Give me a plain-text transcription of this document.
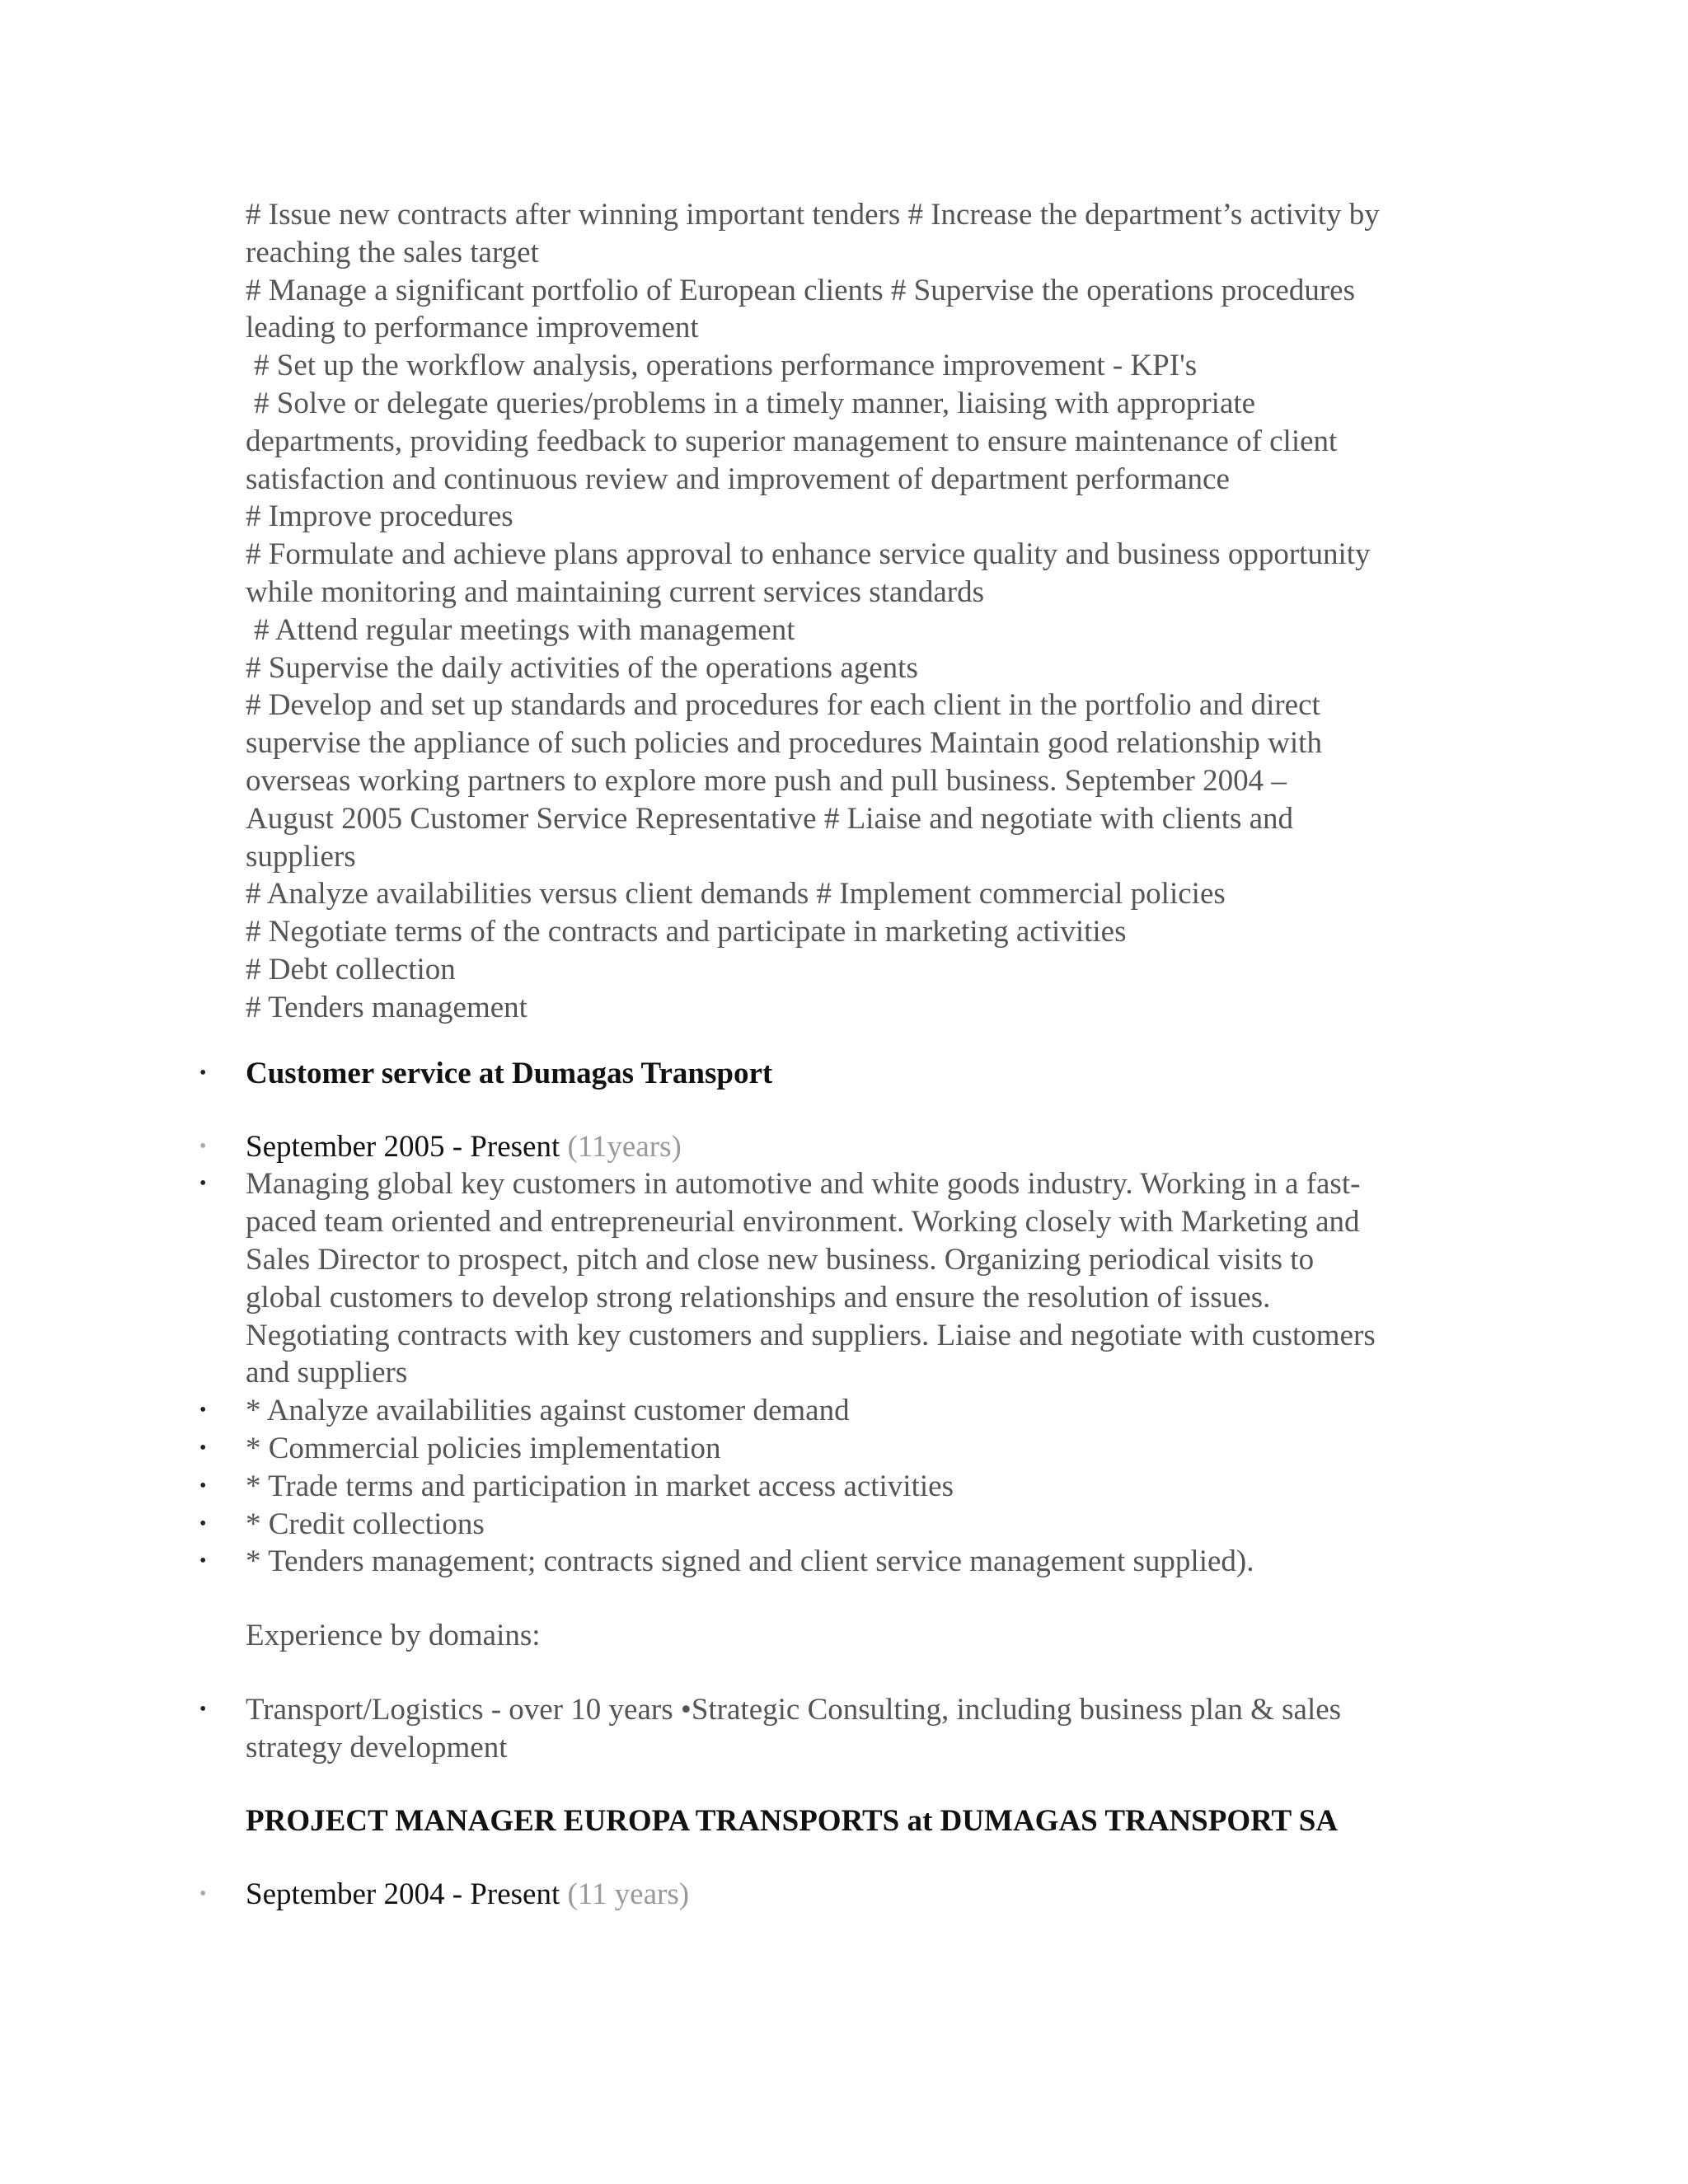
# Issue new contracts after winning important tenders # Increase the department’s activity by
reaching the sales target
# Manage a significant portfolio of European clients # Supervise the operations procedures
leading to performance improvement
# Set up the workflow analysis, operations performance improvement - KPI's
# Solve or delegate queries/problems in a timely manner, liaising with appropriate
departments, providing feedback to superior management to ensure maintenance of client
satisfaction and continuous review and improvement of department performance
# Improve procedures
# Formulate and achieve plans approval to enhance service quality and business opportunity
while monitoring and maintaining current services standards
# Attend regular meetings with management
# Supervise the daily activities of the operations agents
# Develop and set up standards and procedures for each client in the portfolio and direct
supervise the appliance of such policies and procedures Maintain good relationship with
overseas working partners to explore more push and pull business. September 2004 –
August 2005 Customer Service Representative # Liaise and negotiate with clients and
suppliers
# Analyze availabilities versus client demands # Implement commercial policies
# Negotiate terms of the contracts and participate in marketing activities
# Debt collection
# Tenders management
• Customer service at Dumagas Transport
• September 2005 - Present (11years)
• Managing global key customers in automotive and white goods industry. Working in a fast-
paced team oriented and entrepreneurial environment. Working closely with Marketing and
Sales Director to prospect, pitch and close new business. Organizing periodical visits to
global customers to develop strong relationships and ensure the resolution of issues.
Negotiating contracts with key customers and suppliers. Liaise and negotiate with customers
and suppliers
• * Analyze availabilities against customer demand
• * Commercial policies implementation
• * Trade terms and participation in market access activities
• * Credit collections
• * Tenders management; contracts signed and client service management supplied).
Experience by domains:
• Transport/Logistics - over 10 years •Strategic Consulting, including business plan & sales
strategy development
PROJECT MANAGER EUROPA TRANSPORTS at DUMAGAS TRANSPORT SA
• September 2004 - Present (11 years)
